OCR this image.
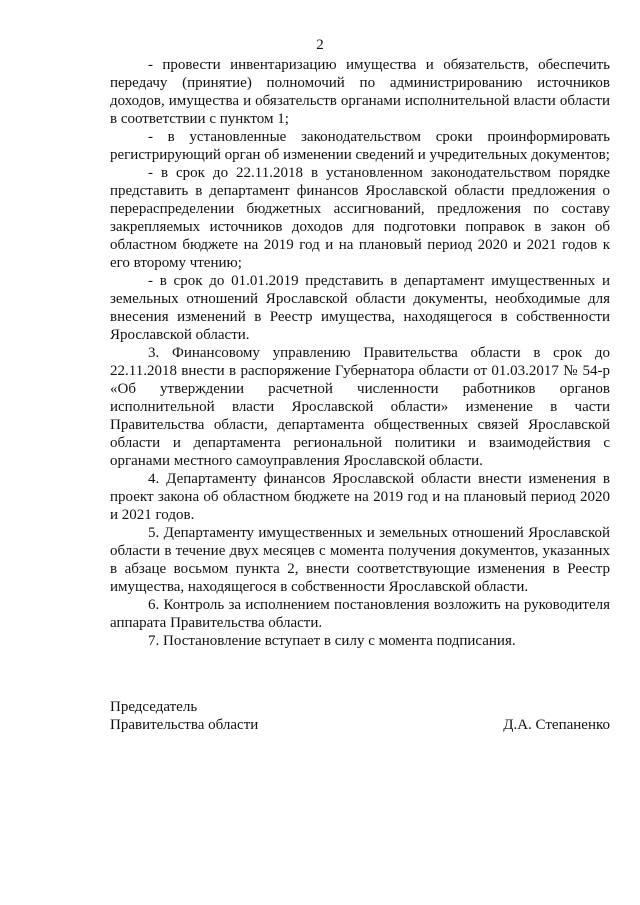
2

- провести инвентаризацию имущества и обязательств, обеспечить передачу (принятие) полномочий по администрированию источников доходов, имущества и обязательств органами исполнительной власти области в соответствии с пунктом 1;

- в установленные законодательством сроки проинформировать регистрирующий орган об изменении сведений и учредительных документов;

- в срок до 22.11.2018 в установленном законодательством порядке представить в департамент финансов Ярославской области предложения о перераспределении бюджетных ассигнований, предложения по составу закрепляемых источников доходов для подготовки поправок в закон об областном бюджете на 2019 год и на плановый период 2020 и 2021 годов к его второму чтению;

- в срок до 01.01.2019 представить в департамент имущественных и земельных отношений Ярославской области документы, необходимые для внесения изменений в Реестр имущества, находящегося в собственности Ярославской области.

3. Финансовому управлению Правительства области в срок до 22.11.2018 внести в распоряжение Губернатора области от 01.03.2017 № 54-р «Об утверждении расчетной численности работников органов исполнительной власти Ярославской области» изменение в части Правительства области, департамента общественных связей Ярославской области и департамента региональной политики и взаимодействия с органами местного самоуправления Ярославской области.

4. Департаменту финансов Ярославской области внести изменения в проект закона об областном бюджете на 2019 год и на плановый период 2020 и 2021 годов.

5. Департаменту имущественных и земельных отношений Ярославской области в течение двух месяцев с момента получения документов, указанных в абзаце восьмом пункта 2, внести соответствующие изменения в Реестр имущества, находящегося в собственности Ярославской области.

6. Контроль за исполнением постановления возложить на руководителя аппарата Правительства области.

7. Постановление вступает в силу с момента подписания.

Председатель
Правительства области	Д.А. Степаненко
